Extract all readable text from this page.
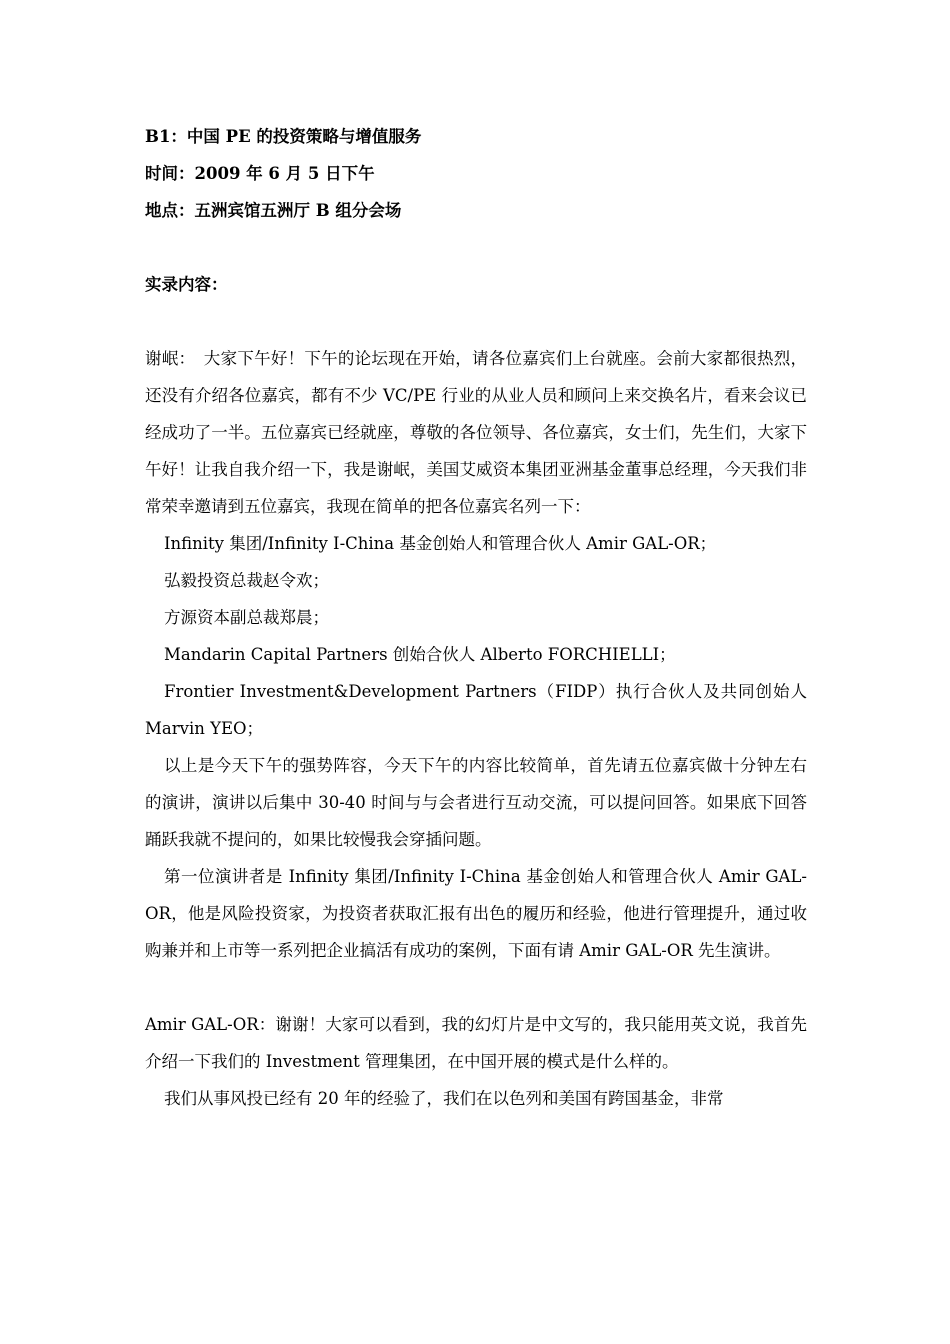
B1：中国 PE 的投资策略与增值服务
时间：2009 年 6 月 5 日下午
地点：五洲宾馆五洲厅 B 组分会场
实录内容：
谢岷：　大家下午好！下午的论坛现在开始，请各位嘉宾们上台就座。会前大家都很热烈，还没有介绍各位嘉宾，都有不少 VC/PE 行业的从业人员和顾问上来交换名片，看来会议已经成功了一半。五位嘉宾已经就座，尊敬的各位领导、各位嘉宾，女士们，先生们，大家下午好！让我自我介绍一下，我是谢岷，美国艾威资本集团亚洲基金董事总经理，今天我们非常荣幸邀请到五位嘉宾，我现在简单的把各位嘉宾名列一下：
Infinity 集团/Infinity I-China 基金创始人和管理合伙人 Amir GAL-OR；
弘毅投资总裁赵令欢；
方源资本副总裁郑晨；
Mandarin Capital Partners 创始合伙人 Alberto FORCHIELLI；
Frontier Investment&Development Partners（FIDP）执行合伙人及共同创始人 Marvin YEO；
以上是今天下午的强势阵容，今天下午的内容比较简单，首先请五位嘉宾做十分钟左右的演讲，演讲以后集中 30-40 时间与与会者进行互动交流，可以提问回答。如果底下回答踊跃我就不提问的，如果比较慢我会穿插问题。
第一位演讲者是 Infinity 集团/Infinity I-China 基金创始人和管理合伙人 Amir GAL-OR，他是风险投资家，为投资者获取汇报有出色的履历和经验，他进行管理提升，通过收购兼并和上市等一系列把企业搞活有成功的案例，下面有请 Amir GAL-OR 先生演讲。
Amir GAL-OR：谢谢！大家可以看到，我的幻灯片是中文写的，我只能用英文说，我首先介绍一下我们的 Investment 管理集团，在中国开展的模式是什么样的。
我们从事风投已经有 20 年的经验了，我们在以色列和美国有跨国基金，非常
